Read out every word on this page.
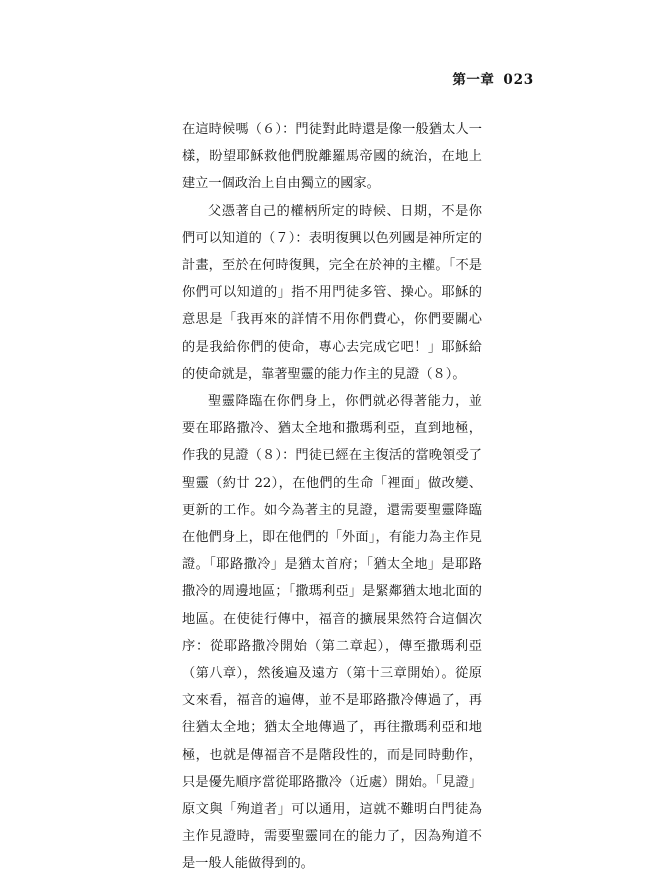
第一章 023

在這時候嗎（６）：門徒對此時還是像一般猶太人一樣，盼望耶穌救他們脫離羅馬帝國的統治，在地上建立一個政治上自由獨立的國家。

父憑著自己的權柄所定的時候、日期，不是你們可以知道的（７）：表明復興以色列國是神所定的計畫，至於在何時復興，完全在於神的主權。「不是你們可以知道的」指不用門徒多管、操心。耶穌的意思是「我再來的詳情不用你們費心，你們要關心的是我給你們的使命，專心去完成它吧！」耶穌給的使命就是，靠著聖靈的能力作主的見證（８）。

聖靈降臨在你們身上，你們就必得著能力，並要在耶路撒冷、猶太全地和撒瑪利亞，直到地極，作我的見證（８）：門徒已經在主復活的當晚領受了聖靈（約廿 22），在他們的生命「裡面」做改變、更新的工作。如今為著主的見證，還需要聖靈降臨在他們身上，即在他們的「外面」，有能力為主作見證。「耶路撒冷」是猶太首府；「猶太全地」是耶路撒冷的周邊地區；「撒瑪利亞」是緊鄰猶太地北面的地區。在使徒行傳中，福音的擴展果然符合這個次序：從耶路撒冷開始（第二章起），傳至撒瑪利亞（第八章），然後遍及遠方（第十三章開始）。從原文來看，福音的遍傳，並不是耶路撒冷傳過了，再往猶太全地；猶太全地傳過了，再往撒瑪利亞和地極，也就是傳福音不是階段性的，而是同時動作，只是優先順序當從耶路撒冷（近處）開始。「見證」原文與「殉道者」可以通用，這就不難明白門徒為主作見證時，需要聖靈同在的能力了，因為殉道不是一般人能做得到的。
